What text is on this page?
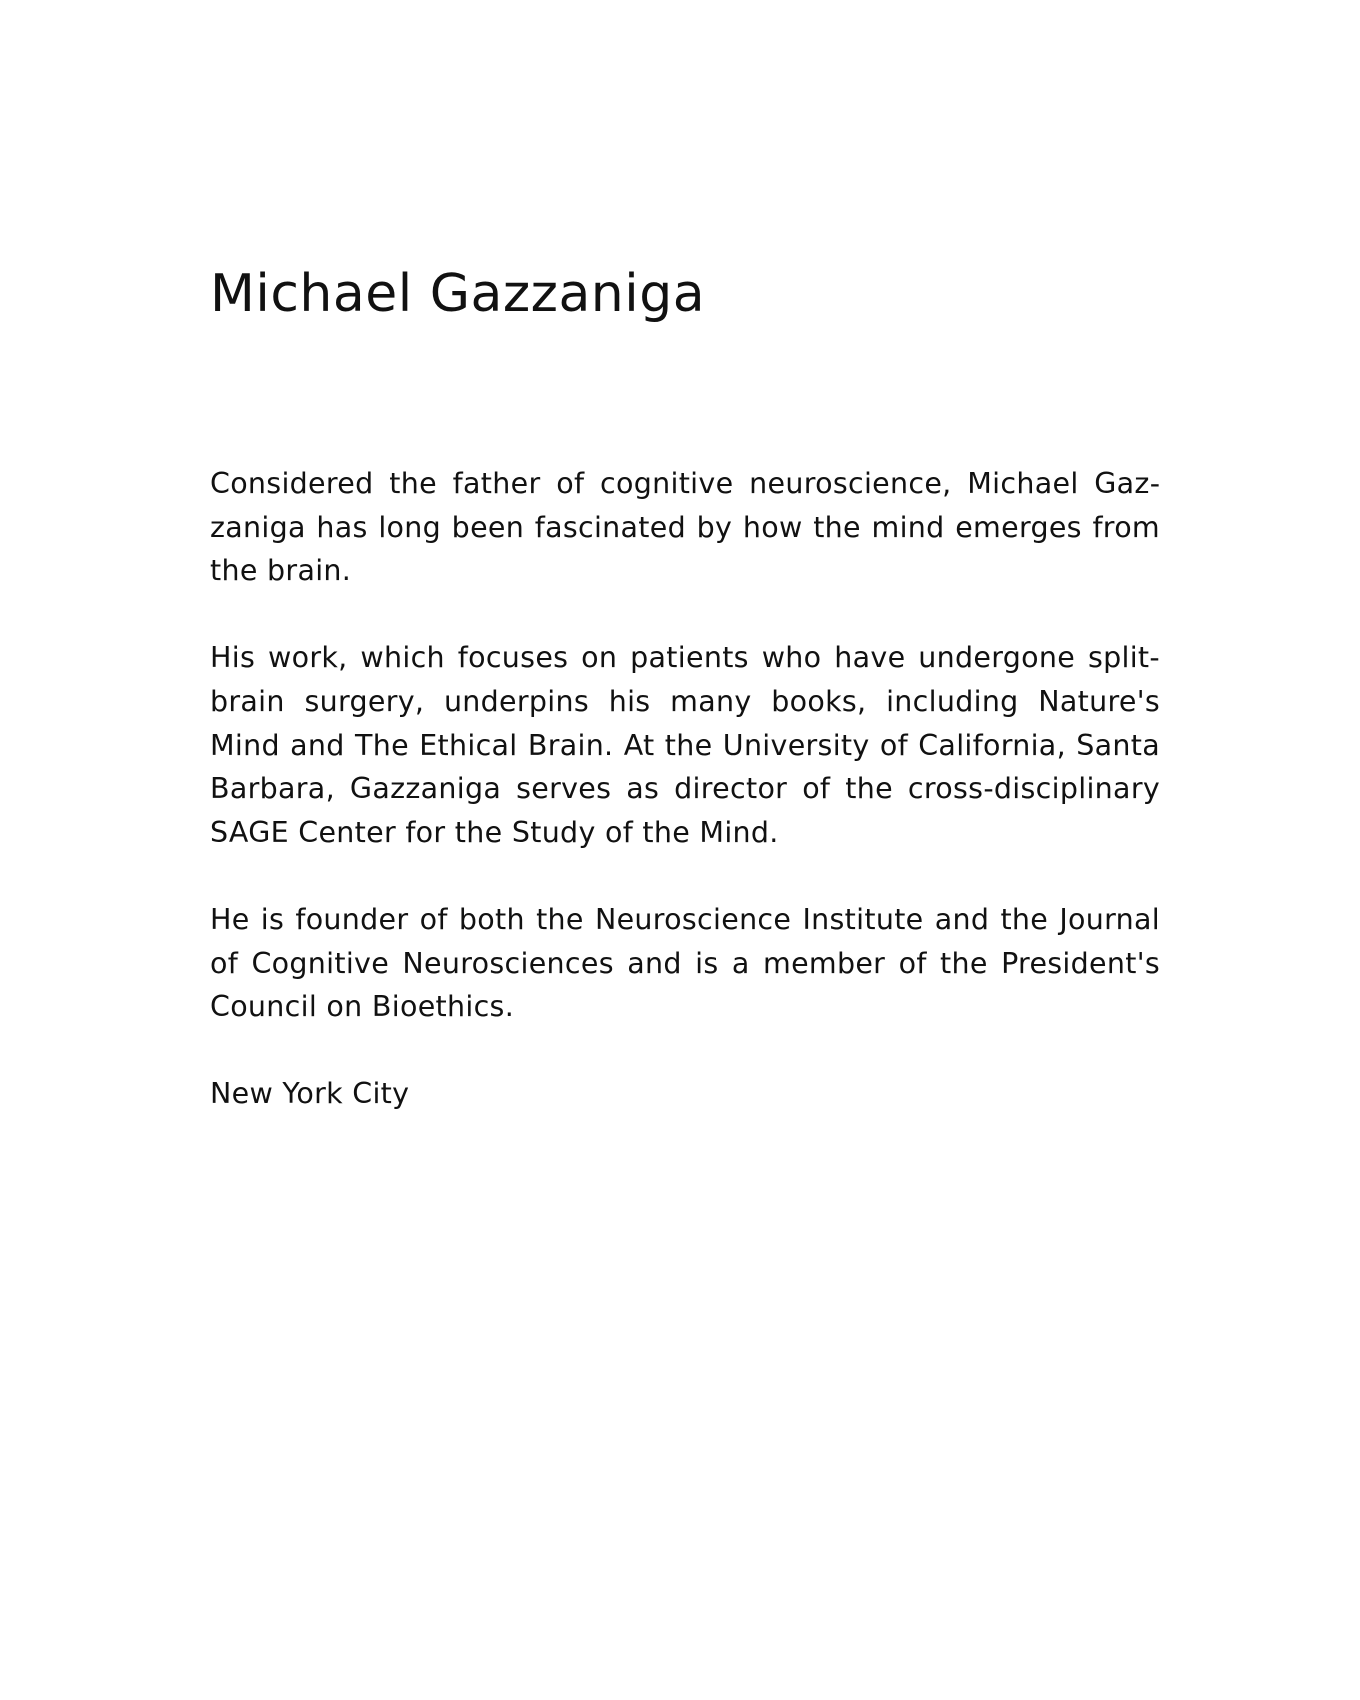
Michael Gazzaniga

Considered the father of cognitive neuroscience, Michael Gazzaniga has long been fascinated by how the mind emerges from the brain.

His work, which focuses on patients who have undergone split-brain surgery, underpins his many books, including Nature's Mind and The Ethical Brain. At the University of California, Santa Barbara, Gazzaniga serves as director of the cross-disciplinary SAGE Center for the Study of the Mind.

He is founder of both the Neuroscience Institute and the Journal of Cognitive Neurosciences and is a member of the President's Council on Bioethics.

New York City
